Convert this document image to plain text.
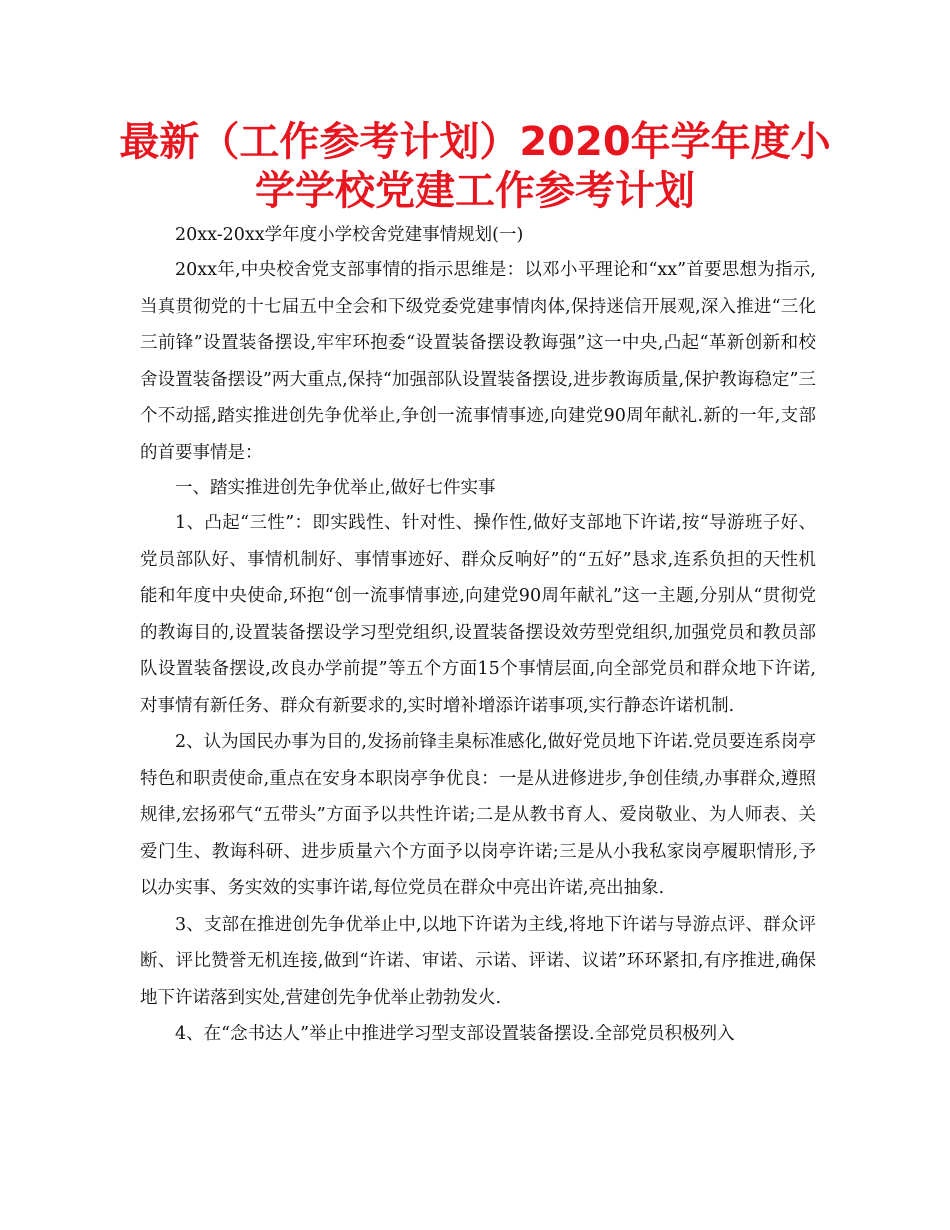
最新（工作参考计划）2020年学年度小学学校党建工作参考计划

20xx-20xx学年度小学校舍党建事情规划(一)

20xx年,中央校舍党支部事情的指示思维是：以邓小平理论和“xx”首要思想为指示,当真贯彻党的十七届五中全会和下级党委党建事情肉体,保持迷信开展观,深入推进“三化三前锋”设置装备摆设,牢牢环抱委“设置装备摆设教诲强”这一中央,凸起“革新创新和校舍设置装备摆设”两大重点,保持“加强部队设置装备摆设,进步教诲质量,保护教诲稳定”三个不动摇,踏实推进创先争优举止,争创一流事情事迹,向建党90周年献礼.新的一年,支部的首要事情是：

一、踏实推进创先争优举止,做好七件实事

1、凸起“三性”：即实践性、针对性、操作性,做好支部地下许诺,按“导游班子好、党员部队好、事情机制好、事情事迹好、群众反响好”的“五好”恳求,连系负担的天性机能和年度中央使命,环抱“创一流事情事迹,向建党90周年献礼”这一主题,分别从“贯彻党的教诲目的,设置装备摆设学习型党组织,设置装备摆设效劳型党组织,加强党员和教员部队设置装备摆设,改良办学前提”等五个方面15个事情层面,向全部党员和群众地下许诺,对事情有新任务、群众有新要求的,实时增补增添许诺事项,实行静态许诺机制.

2、认为国民办事为目的,发扬前锋圭臬标准感化,做好党员地下许诺.党员要连系岗亭特色和职责使命,重点在安身本职岗亭争优良：一是从进修进步,争创佳绩,办事群众,遵照规律,宏扬邪气“五带头”方面予以共性许诺;二是从教书育人、爱岗敬业、为人师表、关爱门生、教诲科研、进步质量六个方面予以岗亭许诺;三是从小我私家岗亭履职情形,予以办实事、务实效的实事许诺,每位党员在群众中亮出许诺,亮出抽象.

3、支部在推进创先争优举止中,以地下许诺为主线,将地下许诺与导游点评、群众评断、评比赞誉无机连接,做到“许诺、审诺、示诺、评诺、议诺”环环紧扣,有序推进,确保地下许诺落到实处,营建创先争优举止勃勃发火.

4、在“念书达人”举止中推进学习型支部设置装备摆设.全部党员积极列入
